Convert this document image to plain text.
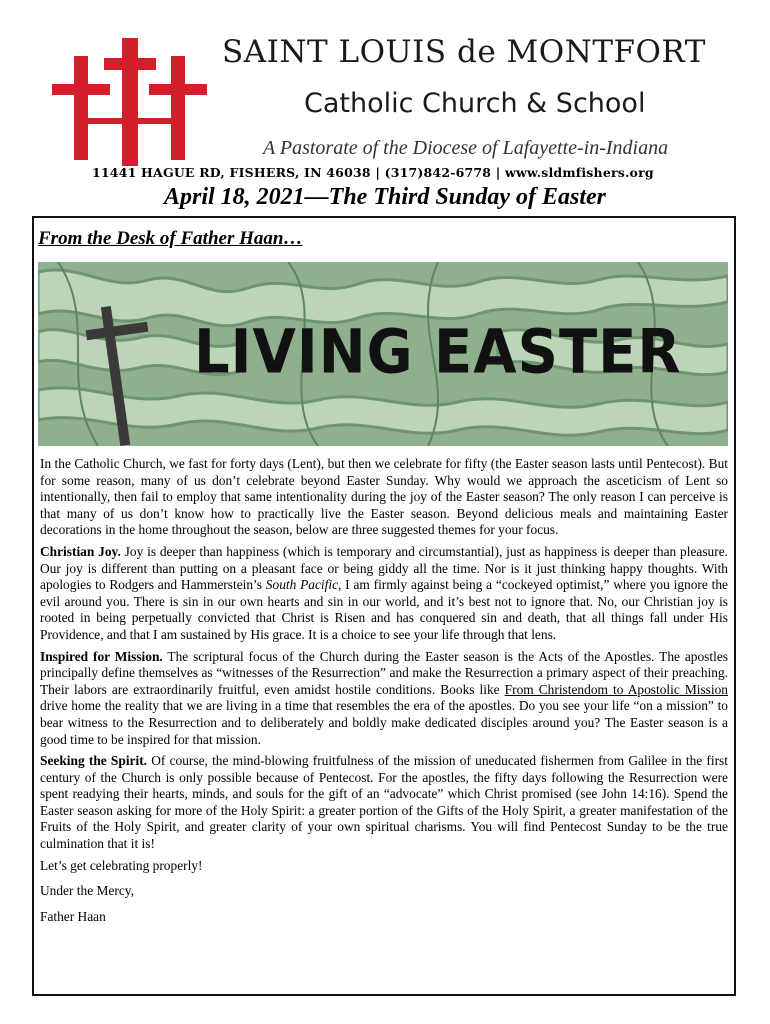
SAINT LOUIS de MONTFORT
Catholic Church & School
A Pastorate of the Diocese of Lafayette-in-Indiana
11441 HAGUE RD, FISHERS, IN 46038 | (317)842-6778 | www.sldmfishers.org
April 18, 2021—The Third Sunday of Easter
From the Desk of Father Haan…
LIVING EASTER

In the Catholic Church, we fast for forty days (Lent), but then we celebrate for fifty (the Easter season lasts until Pentecost). But for some reason, many of us don’t celebrate beyond Easter Sunday. Why would we approach the asceticism of Lent so intentionally, then fail to employ that same intentionality during the joy of the Easter season? The only reason I can perceive is that many of us don’t know how to practically live the Easter season. Beyond delicious meals and maintaining Easter decorations in the home throughout the season, below are three suggested themes for your focus.

Christian Joy. Joy is deeper than happiness (which is temporary and circumstantial), just as happiness is deeper than pleasure. Our joy is different than putting on a pleasant face or being giddy all the time. Nor is it just thinking happy thoughts. With apologies to Rodgers and Hammerstein’s South Pacific, I am firmly against being a “cockeyed optimist,” where you ignore the evil around you. There is sin in our own hearts and sin in our world, and it’s best not to ignore that. No, our Christian joy is rooted in being perpetually convicted that Christ is Risen and has conquered sin and death, that all things fall under His Providence, and that I am sustained by His grace. It is a choice to see your life through that lens.

Inspired for Mission. The scriptural focus of the Church during the Easter season is the Acts of the Apostles. The apostles principally define themselves as “witnesses of the Resurrection” and make the Resurrection a primary aspect of their preaching. Their labors are extraordinarily fruitful, even amidst hostile conditions. Books like From Christendom to Apostolic Mission drive home the reality that we are living in a time that resembles the era of the apostles. Do you see your life “on a mission” to bear witness to the Resurrection and to deliberately and boldly make dedicated disciples around you? The Easter season is a good time to be inspired for that mission.

Seeking the Spirit. Of course, the mind-blowing fruitfulness of the mission of uneducated fishermen from Galilee in the first century of the Church is only possible because of Pentecost. For the apostles, the fifty days following the Resurrection were spent readying their hearts, minds, and souls for the gift of an “advocate” which Christ promised (see John 14:16). Spend the Easter season asking for more of the Holy Spirit: a greater portion of the Gifts of the Holy Spirit, a greater manifestation of the Fruits of the Holy Spirit, and greater clarity of your own spiritual charisms. You will find Pentecost Sunday to be the true culmination that it is!

Let’s get celebrating properly!

Under the Mercy,

Father Haan
